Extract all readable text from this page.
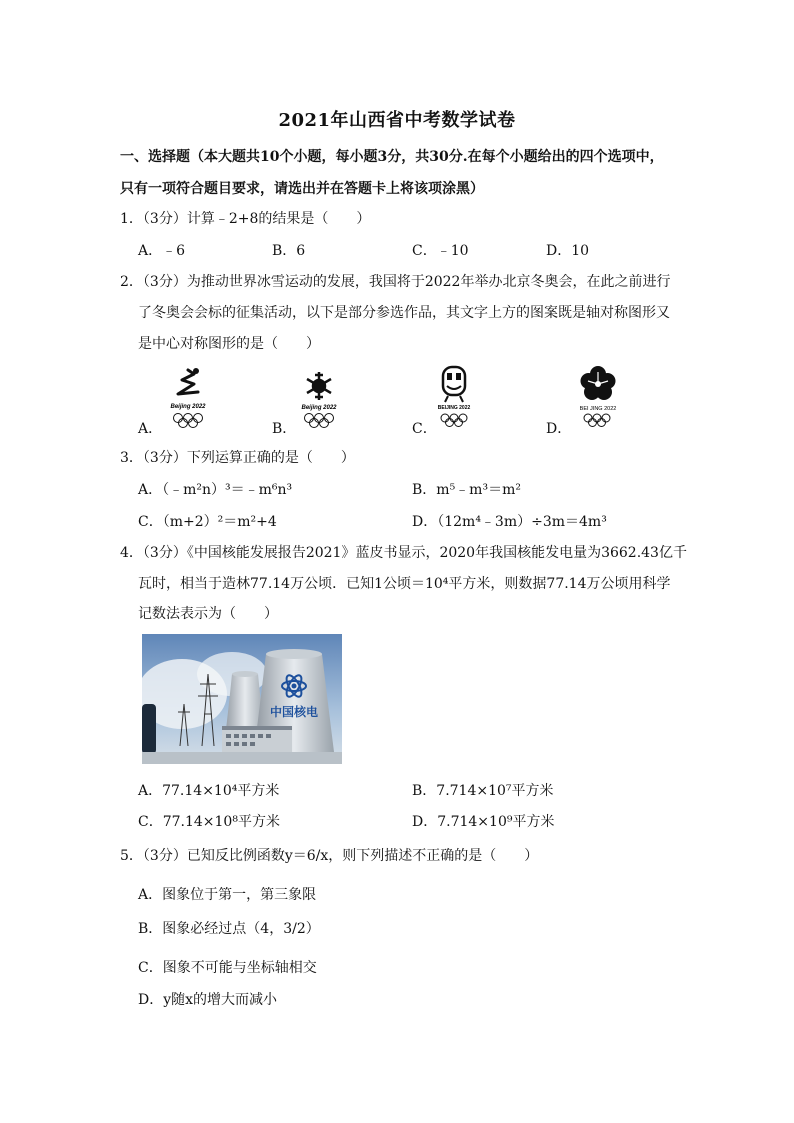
2021年山西省中考数学试卷
一、选择题（本大题共10个小题，每小题3分，共30分.在每个小题给出的四个选项中，
只有一项符合题目要求，请选出并在答题卡上将该项涂黑）
1．（3分）计算﹣2+8的结果是（　　）
A．﹣6	B．6	C．﹣10	D．10
2．（3分）为推动世界冰雪运动的发展，我国将于2022年举办北京冬奥会，在此之前进行
了冬奥会会标的征集活动，以下是部分参选作品，其文字上方的图案既是轴对称图形又
是中心对称图形的是（　　）
A．	B．	C．	D．
Beijing 2022	Beijing 2022	BEIJING 2022	BEI JING 2022
3．（3分）下列运算正确的是（　　）
A．（﹣m²n）³＝﹣m⁶n³	B．m⁵﹣m³＝m²
C．（m+2）²＝m²+4	D．（12m⁴﹣3m）÷3m＝4m³
4．（3分）《中国核能发展报告2021》蓝皮书显示，2020年我国核能发电量为3662.43亿千
瓦时，相当于造林77.14万公顷．已知1公顷＝10⁴平方米，则数据77.14万公顷用科学
记数法表示为（　　）
中国核电
A．77.14×10⁴平方米	B．7.714×10⁷平方米
C．77.14×10⁸平方米	D．7.714×10⁹平方米
5．（3分）已知反比例函数y＝6/x，则下列描述不正确的是（　　）
A．图象位于第一，第三象限
B．图象必经过点（4，3/2）
C．图象不可能与坐标轴相交
D．y随x的增大而减小
